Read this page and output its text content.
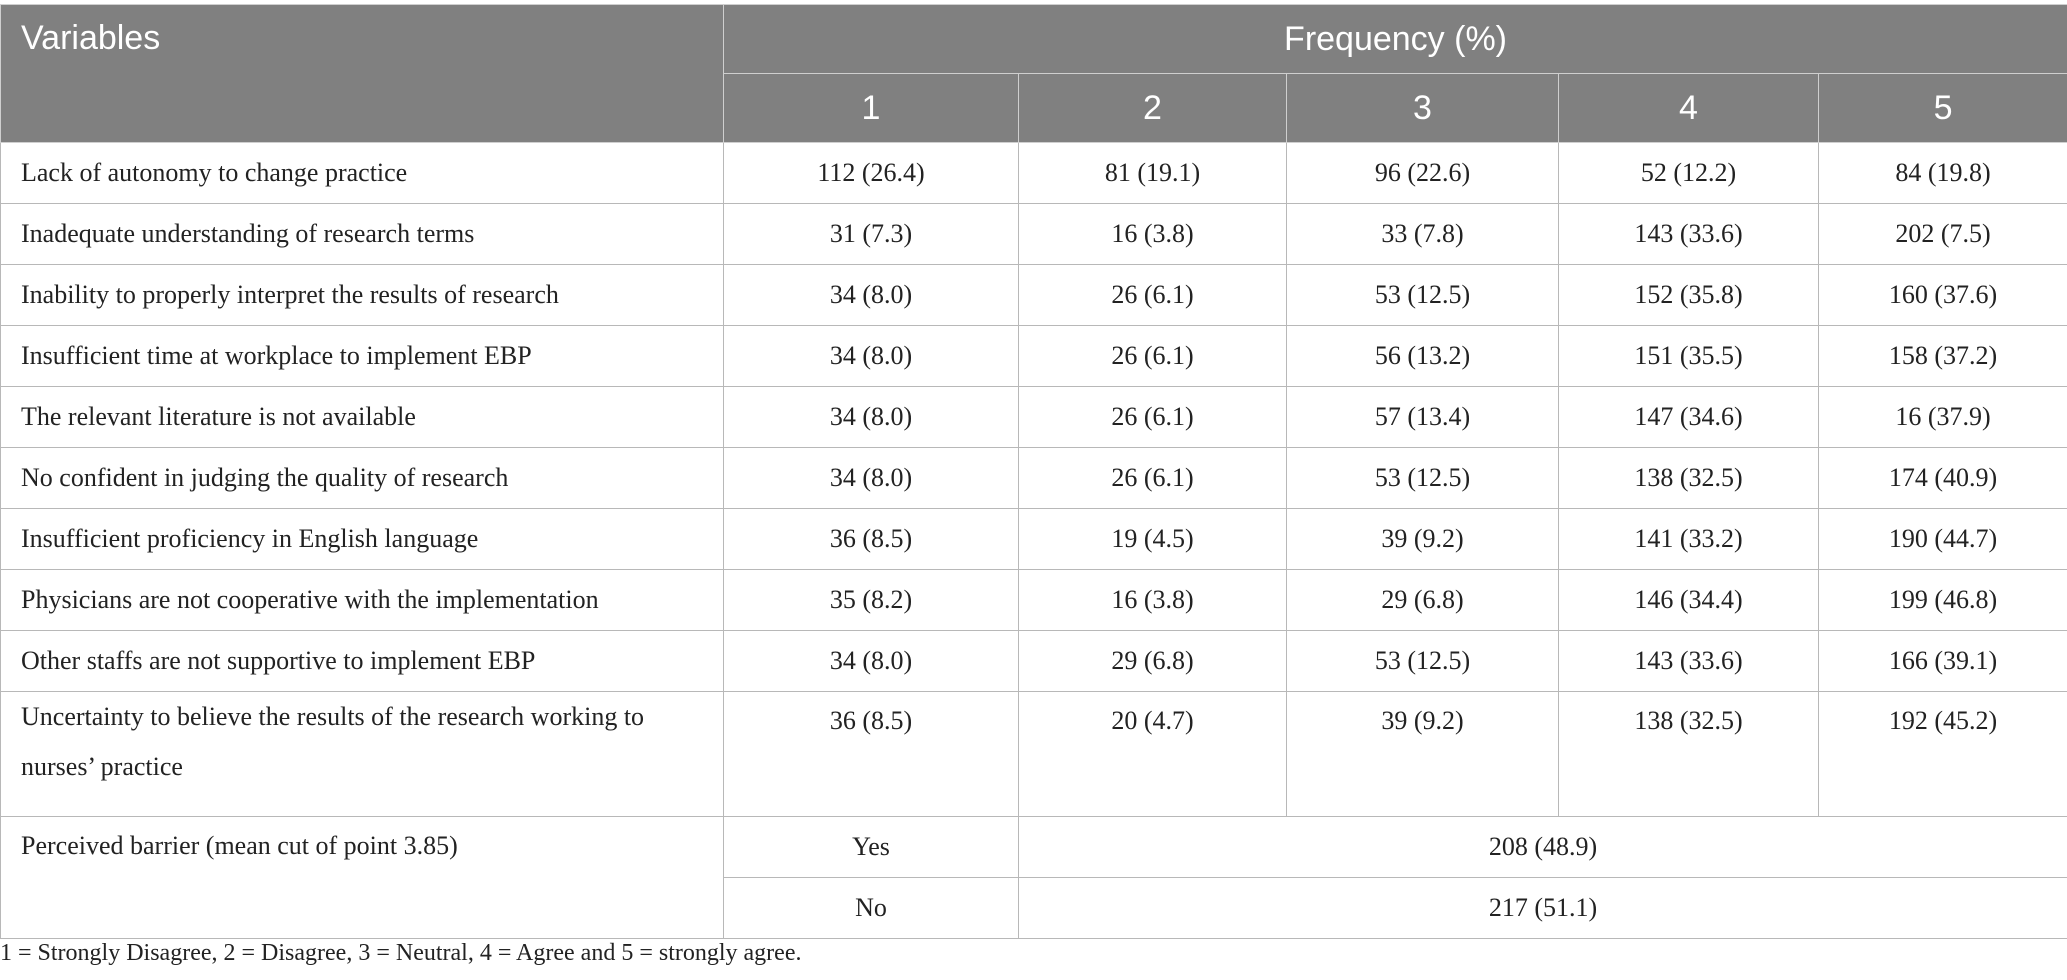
Variables	Frequency (%)				
	1	2	3	4	5
Lack of autonomy to change practice	112 (26.4)	81 (19.1)	96 (22.6)	52 (12.2)	84 (19.8)
Inadequate understanding of research terms	31 (7.3)	16 (3.8)	33 (7.8)	143 (33.6)	202 (7.5)
Inability to properly interpret the results of research	34 (8.0)	26 (6.1)	53 (12.5)	152 (35.8)	160 (37.6)
Insufficient time at workplace to implement EBP	34 (8.0)	26 (6.1)	56 (13.2)	151 (35.5)	158 (37.2)
The relevant literature is not available	34 (8.0)	26 (6.1)	57 (13.4)	147 (34.6)	16 (37.9)
No confident in judging the quality of research	34 (8.0)	26 (6.1)	53 (12.5)	138 (32.5)	174 (40.9)
Insufficient proficiency in English language	36 (8.5)	19 (4.5)	39 (9.2)	141 (33.2)	190 (44.7)
Physicians are not cooperative with the implementation	35 (8.2)	16 (3.8)	29 (6.8)	146 (34.4)	199 (46.8)
Other staffs are not supportive to implement EBP	34 (8.0)	29 (6.8)	53 (12.5)	143 (33.6)	166 (39.1)
Uncertainty to believe the results of the research working to nurses’ practice	36 (8.5)	20 (4.7)	39 (9.2)	138 (32.5)	192 (45.2)
Perceived barrier (mean cut of point 3.85)	Yes	208 (48.9)			
	No	217 (51.1)			
1 = Strongly Disagree, 2 = Disagree, 3 = Neutral, 4 = Agree and 5 = strongly agree.
